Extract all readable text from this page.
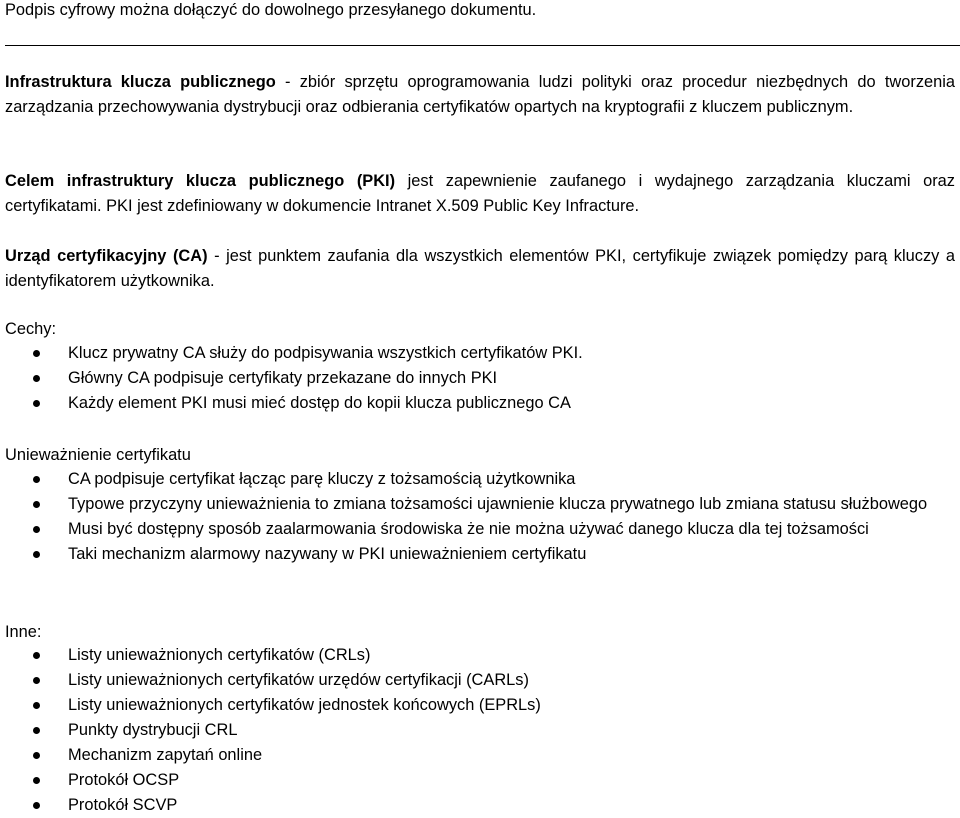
Podpis cyfrowy można dołączyć do dowolnego przesyłanego dokumentu.

Infrastruktura klucza publicznego - zbiór sprzętu oprogramowania ludzi polityki oraz procedur niezbędnych do tworzenia zarządzania przechowywania dystrybucji oraz odbierania certyfikatów opartych na kryptografii z kluczem publicznym.

Celem infrastruktury klucza publicznego (PKI) jest zapewnienie zaufanego i wydajnego zarządzania kluczami oraz certyfikatami. PKI jest zdefiniowany w dokumencie Intranet X.509 Public Key Infracture.

Urząd certyfikacyjny (CA) - jest punktem zaufania dla wszystkich elementów PKI, certyfikuje związek pomiędzy parą kluczy a identyfikatorem użytkownika.

Cechy:

Klucz prywatny CA służy do podpisywania wszystkich certyfikatów PKI.
Główny CA podpisuje certyfikaty przekazane do innych PKI
Każdy element PKI musi mieć dostęp do kopii klucza publicznego CA

Unieważnienie certyfikatu

CA podpisuje certyfikat łącząc parę kluczy z tożsamością użytkownika
Typowe przyczyny unieważnienia to zmiana tożsamości ujawnienie klucza prywatnego lub zmiana statusu służbowego
Musi być dostępny sposób zaalarmowania środowiska że nie można używać danego klucza dla tej tożsamości
Taki mechanizm alarmowy nazywany w PKI unieważnieniem certyfikatu

Inne:

Listy unieważnionych certyfikatów (CRLs)
Listy unieważnionych certyfikatów urzędów certyfikacji (CARLs)
Listy unieważnionych certyfikatów jednostek końcowych (EPRLs)
Punkty dystrybucji CRL
Mechanizm zapytań online
Protokół OCSP
Protokół SCVP
